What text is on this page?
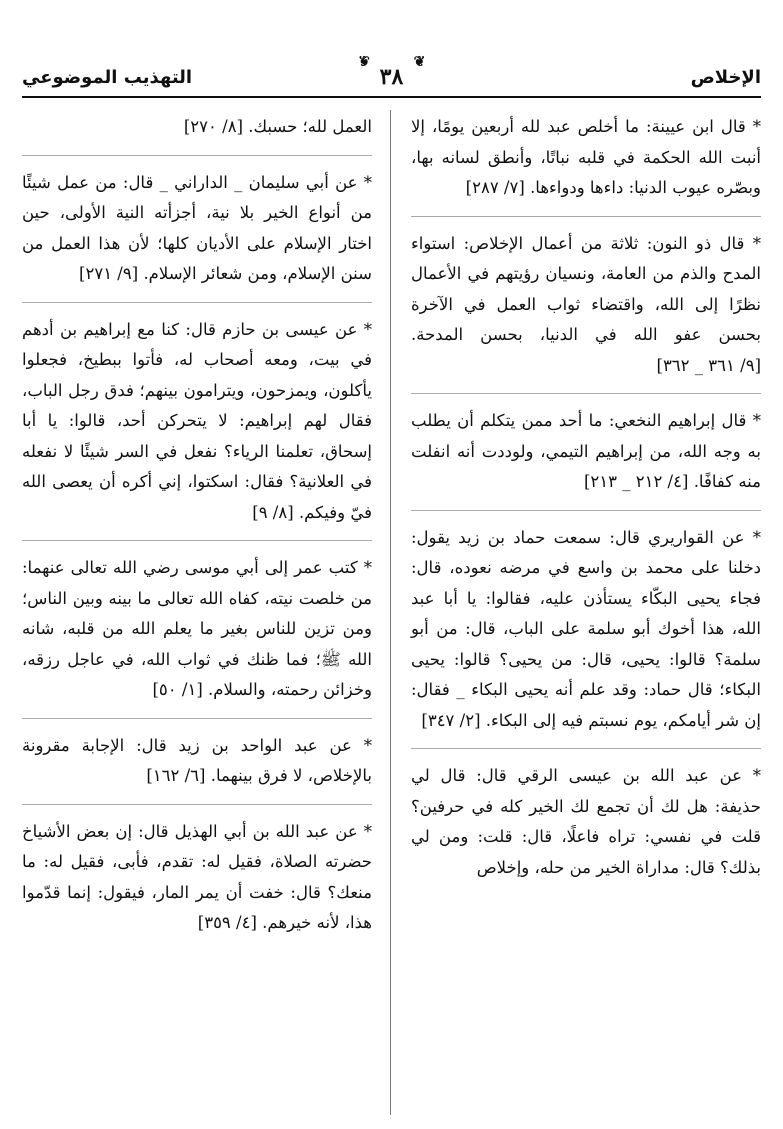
الإخلاص
❦ ٣٨ ❦
التهذيب الموضوعي

* قال ابن عيينة: ما أخلص عبد لله أربعين يومًا، إلا أنبت الله الحكمة في قلبه نباتًا، وأنطق لسانه بها، وبصّره عيوب الدنيا: داءها ودواءها. [٧/ ٢٨٧]

* قال ذو النون: ثلاثة من أعمال الإخلاص: استواء المدح والذم من العامة، ونسيان رؤيتهم في الأعمال نظرًا إلى الله، واقتضاء ثواب العمل في الآخرة بحسن عفو الله في الدنيا، بحسن المدحة. [٩/ ٣٦١ _ ٣٦٢]

* قال إبراهيم النخعي: ما أحد ممن يتكلم أن يطلب به وجه الله، من إبراهيم التيمي، ولوددت أنه انفلت منه كفافًا. [٤/ ٢١٢ _ ٢١٣]

* عن القواريري قال: سمعت حماد بن زيد يقول: دخلنا على محمد بن واسع في مرضه نعوده، قال: فجاء يحيى البكّاء يستأذن عليه، فقالوا: يا أبا عبد الله، هذا أخوك أبو سلمة على الباب، قال: من أبو سلمة؟ قالوا: يحيى، قال: من يحيى؟ قالوا: يحيى البكاء؛ قال حماد: وقد علم أنه يحيى البكاء _ فقال: إن شر أيامكم، يوم نسبتم فيه إلى البكاء. [٢/ ٣٤٧]

* عن عبد الله بن عيسى الرقي قال: قال لي حذيفة: هل لك أن تجمع لك الخير كله في حرفين؟ قلت في نفسي: تراه فاعلًا، قال: قلت: ومن لي بذلك؟ قال: مداراة الخير من حله، وإخلاص

العمل لله؛ حسبك. [٨/ ٢٧٠]

* عن أبي سليمان _ الداراني _ قال: من عمل شيئًا من أنواع الخير بلا نية، أجزأته النية الأولى، حين اختار الإسلام على الأديان كلها؛ لأن هذا العمل من سنن الإسلام، ومن شعائر الإسلام. [٩/ ٢٧١]

* عن عيسى بن حازم قال: كنا مع إبراهيم بن أدهم في بيت، ومعه أصحاب له، فأتوا ببطيخ، فجعلوا يأكلون، ويمزحون، ويترامون بينهم؛ فدق رجل الباب، فقال لهم إبراهيم: لا يتحركن أحد، قالوا: يا أبا إسحاق، تعلمنا الرياء؟ نفعل في السر شيئًا لا نفعله في العلانية؟ فقال: اسكتوا، إني أكره أن يعصى الله فيّ وفيكم. [٨/ ٩]

* كتب عمر إلى أبي موسى رضي الله تعالى عنهما: من خلصت نيته، كفاه الله تعالى ما بينه وبين الناس؛ ومن تزين للناس بغير ما يعلم الله من قلبه، شانه الله ﷺ؛ فما ظنك في ثواب الله، في عاجل رزقه، وخزائن رحمته، والسلام. [١/ ٥٠]

* عن عبد الواحد بن زيد قال: الإجابة مقرونة بالإخلاص، لا فرق بينهما. [٦/ ١٦٢]

* عن عبد الله بن أبي الهذيل قال: إن بعض الأشياخ حضرته الصلاة، فقيل له: تقدم، فأبى، فقيل له: ما منعك؟ قال: خفت أن يمر المار، فيقول: إنما قدّموا هذا، لأنه خيرهم. [٤/ ٣٥٩]
